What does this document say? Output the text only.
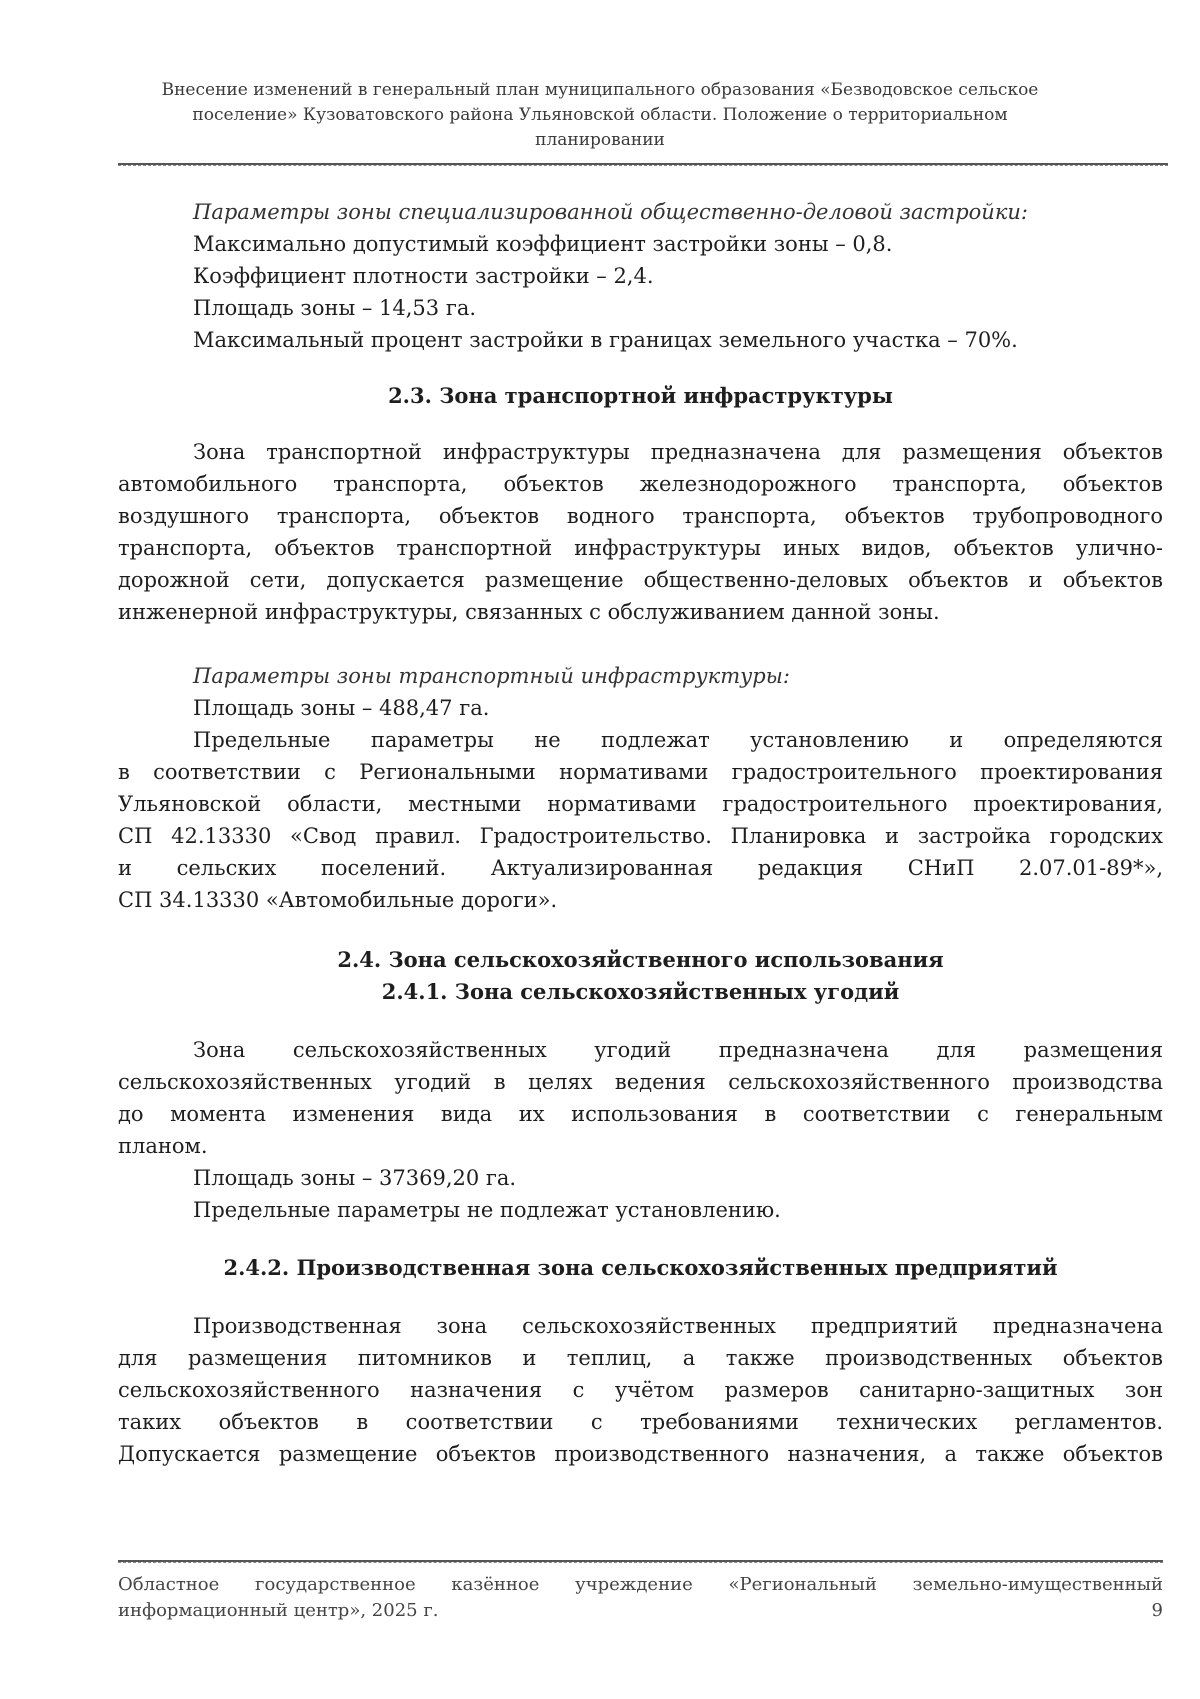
Внесение изменений в генеральный план муниципального образования «Безводовское сельское
поселение» Кузоватовского района Ульяновской области. Положение о территориальном
планировании
Параметры зоны специализированной общественно-деловой застройки:
Максимально допустимый коэффициент застройки зоны – 0,8.
Коэффициент плотности застройки – 2,4.
Площадь зоны – 14,53 га.
Максимальный процент застройки в границах земельного участка – 70%.
2.3. Зона транспортной инфраструктуры
Зона транспортной инфраструктуры предназначена для размещения объектов
автомобильного транспорта, объектов железнодорожного транспорта, объектов
воздушного транспорта, объектов водного транспорта, объектов трубопроводного
транспорта, объектов транспортной инфраструктуры иных видов, объектов улично-
дорожной сети, допускается размещение общественно-деловых объектов и объектов
инженерной инфраструктуры, связанных с обслуживанием данной зоны.
Параметры зоны транспортный инфраструктуры:
Площадь зоны – 488,47 га.
Предельные параметры не подлежат установлению и определяются
в соответствии с Региональными нормативами градостроительного проектирования
Ульяновской области, местными нормативами градостроительного проектирования,
СП 42.13330 «Свод правил. Градостроительство. Планировка и застройка городских
и сельских поселений. Актуализированная редакция СНиП 2.07.01-89*»,
СП 34.13330 «Автомобильные дороги».
2.4. Зона сельскохозяйственного использования
2.4.1. Зона сельскохозяйственных угодий
Зона сельскохозяйственных угодий предназначена для размещения
сельскохозяйственных угодий в целях ведения сельскохозяйственного производства
до момента изменения вида их использования в соответствии с генеральным
планом.
Площадь зоны – 37369,20 га.
Предельные параметры не подлежат установлению.
2.4.2. Производственная зона сельскохозяйственных предприятий
Производственная зона сельскохозяйственных предприятий предназначена
для размещения питомников и теплиц, а также производственных объектов
сельскохозяйственного назначения с учётом размеров санитарно-защитных зон
таких объектов в соответствии с требованиями технических регламентов.
Допускается размещение объектов производственного назначения, а также объектов
Областное государственное казённое учреждение «Региональный земельно-имущественный
информационный центр», 2025 г.	9
